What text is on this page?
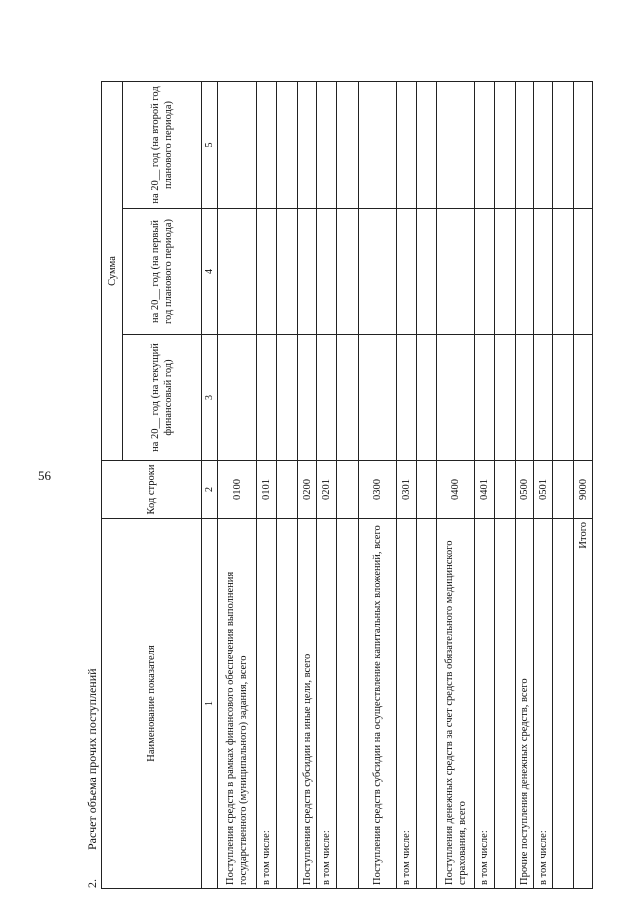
56
2.Расчет объема прочих поступлений	Наименование показателя	Код строки	Сумма		
		на 20__ год (на текущий финансовый год)	на 20__ год (на первый год планового периода)	на 20__ год (на второй год планового периода)
1	2	3	4	5
Поступления средств в рамках финансового обеспечения выполнения государственного (муниципального) задания, всего	0100			
в том числе:	0101			

Поступления средств субсидии на иные цели, всего	0200			
в том числе:	0201			

Поступления средств субсидии на осуществление капитальных вложений, всего	0300			
в том числе:	0301			

Поступления денежных средств за счет средств обязательного медицинского страхования, всего	0400			
в том числе:	0401			

Прочие поступления денежных средств, всего	0500			
в том числе:	0501			

Итого	9000			
